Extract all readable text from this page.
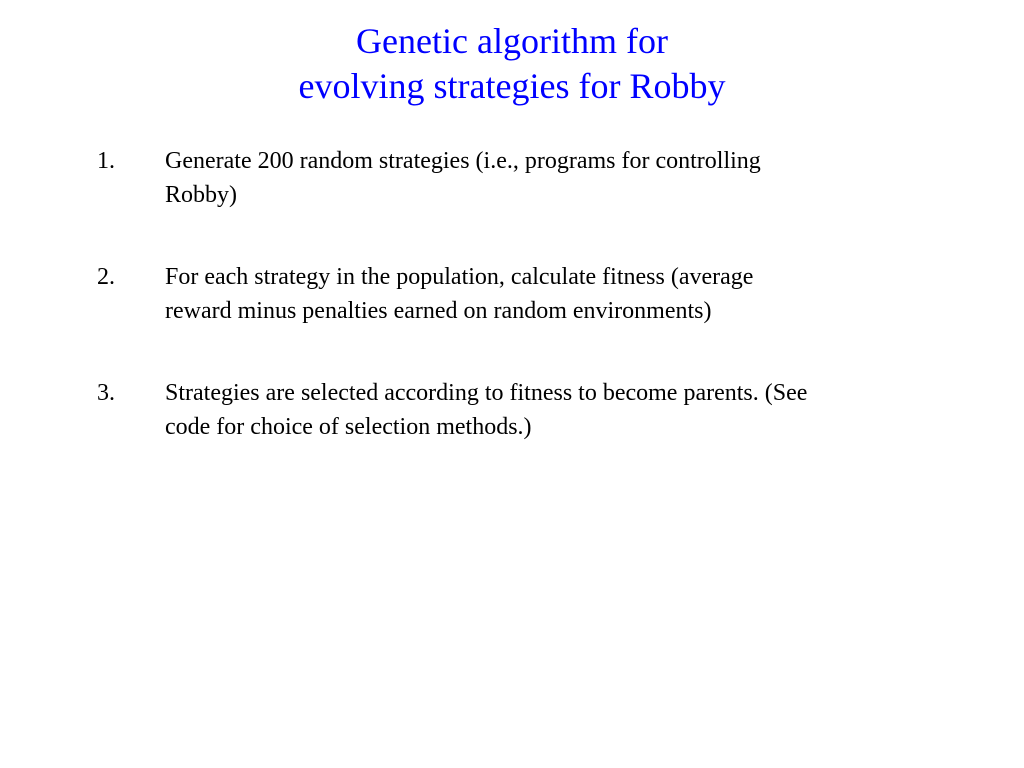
Genetic algorithm for
evolving strategies for Robby
1. Generate 200 random strategies (i.e., programs for controlling
Robby)
2. For each strategy in the population, calculate fitness (average
reward minus penalties earned on random environments)
3. Strategies are selected according to fitness to become parents. (See
code for choice of selection methods.)
